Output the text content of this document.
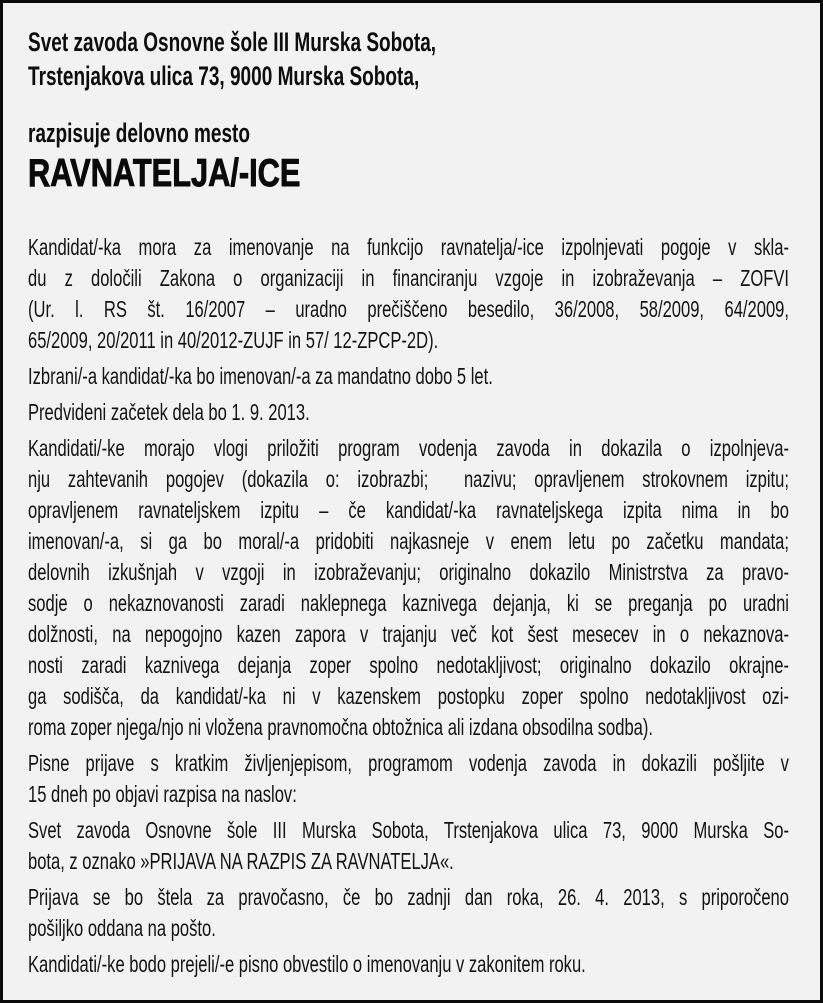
Svet zavoda Osnovne šole III Murska Sobota,
Trstenjakova ulica 73, 9000 Murska Sobota,
razpisuje delovno mesto
RAVNATELJA/-ICE
Kandidat/-ka mora za imenovanje na funkcijo ravnatelja/-ice izpolnjevati pogoje v skla-
du z določili Zakona o organizaciji in financiranju vzgoje in izobraževanja – ZOFVI
(Ur. l. RS št. 16/2007 – uradno prečiščeno besedilo, 36/2008, 58/2009, 64/2009,
65/2009, 20/2011 in 40/2012-ZUJF in 57/ 12-ZPCP-2D).
Izbrani/-a kandidat/-ka bo imenovan/-a za mandatno dobo 5 let.
Predvideni začetek dela bo 1. 9. 2013.
Kandidati/-ke morajo vlogi priložiti program vodenja zavoda in dokazila o izpolnjeva-
nju zahtevanih pogojev (dokazila o: izobrazbi;  nazivu; opravljenem strokovnem izpitu;
opravljenem ravnateljskem izpitu – če kandidat/-ka ravnateljskega izpita nima in bo
imenovan/-a, si ga bo moral/-a pridobiti najkasneje v enem letu po začetku mandata;
delovnih izkušnjah v vzgoji in izobraževanju; originalno dokazilo Ministrstva za pravo-
sodje o nekaznovanosti zaradi naklepnega kaznivega dejanja, ki se preganja po uradni
dolžnosti, na nepogojno kazen zapora v trajanju več kot šest mesecev in o nekaznova-
nosti zaradi kaznivega dejanja zoper spolno nedotakljivost; originalno dokazilo okrajne-
ga sodišča, da kandidat/-ka ni v kazenskem postopku zoper spolno nedotakljivost ozi-
roma zoper njega/njo ni vložena pravnomočna obtožnica ali izdana obsodilna sodba).
Pisne prijave s kratkim življenjepisom, programom vodenja zavoda in dokazili pošljite v
15 dneh po objavi razpisa na naslov:
Svet zavoda Osnovne šole III Murska Sobota, Trstenjakova ulica 73, 9000 Murska So-
bota, z oznako »PRIJAVA NA RAZPIS ZA RAVNATELJA«.
Prijava se bo štela za pravočasno, če bo zadnji dan roka, 26. 4. 2013, s priporočeno
pošiljko oddana na pošto.
Kandidati/-ke bodo prejeli/-e pisno obvestilo o imenovanju v zakonitem roku.
